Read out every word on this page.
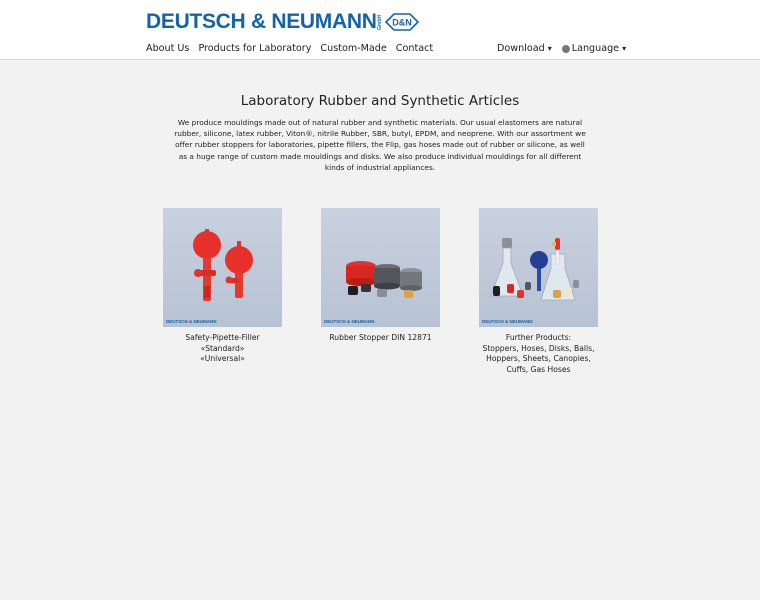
DEUTSCH & NEUMANN GmbH D&N
About Us Products for Laboratory Custom-Made Contact	Download ▾ Language ▾
Laboratory Rubber and Synthetic Articles

We produce mouldings made out of natural rubber and synthetic materials. Our usual elastomers are natural rubber, silicone, latex rubber, Viton®, nitrile Rubber, SBR, butyl, EPDM, and neoprene. With our assortment we offer rubber stoppers for laboratories, pipette fillers, the Flip, gas hoses made out of rubber or silicone, as well as a huge range of custom made mouldings and disks. We also produce individual mouldings for all different kinds of industrial appliances.

DEUTSCH & NEUMANN
Safety-Pipette-Filler
«Standard»
«Universal»
DEUTSCH & NEUMANN
Rubber Stopper DIN 12871
DEUTSCH & NEUMANN
Further Products:
Stoppers, Hoses, Disks, Balls,
Hoppers, Sheets, Canopies,
Cuffs, Gas Hoses
